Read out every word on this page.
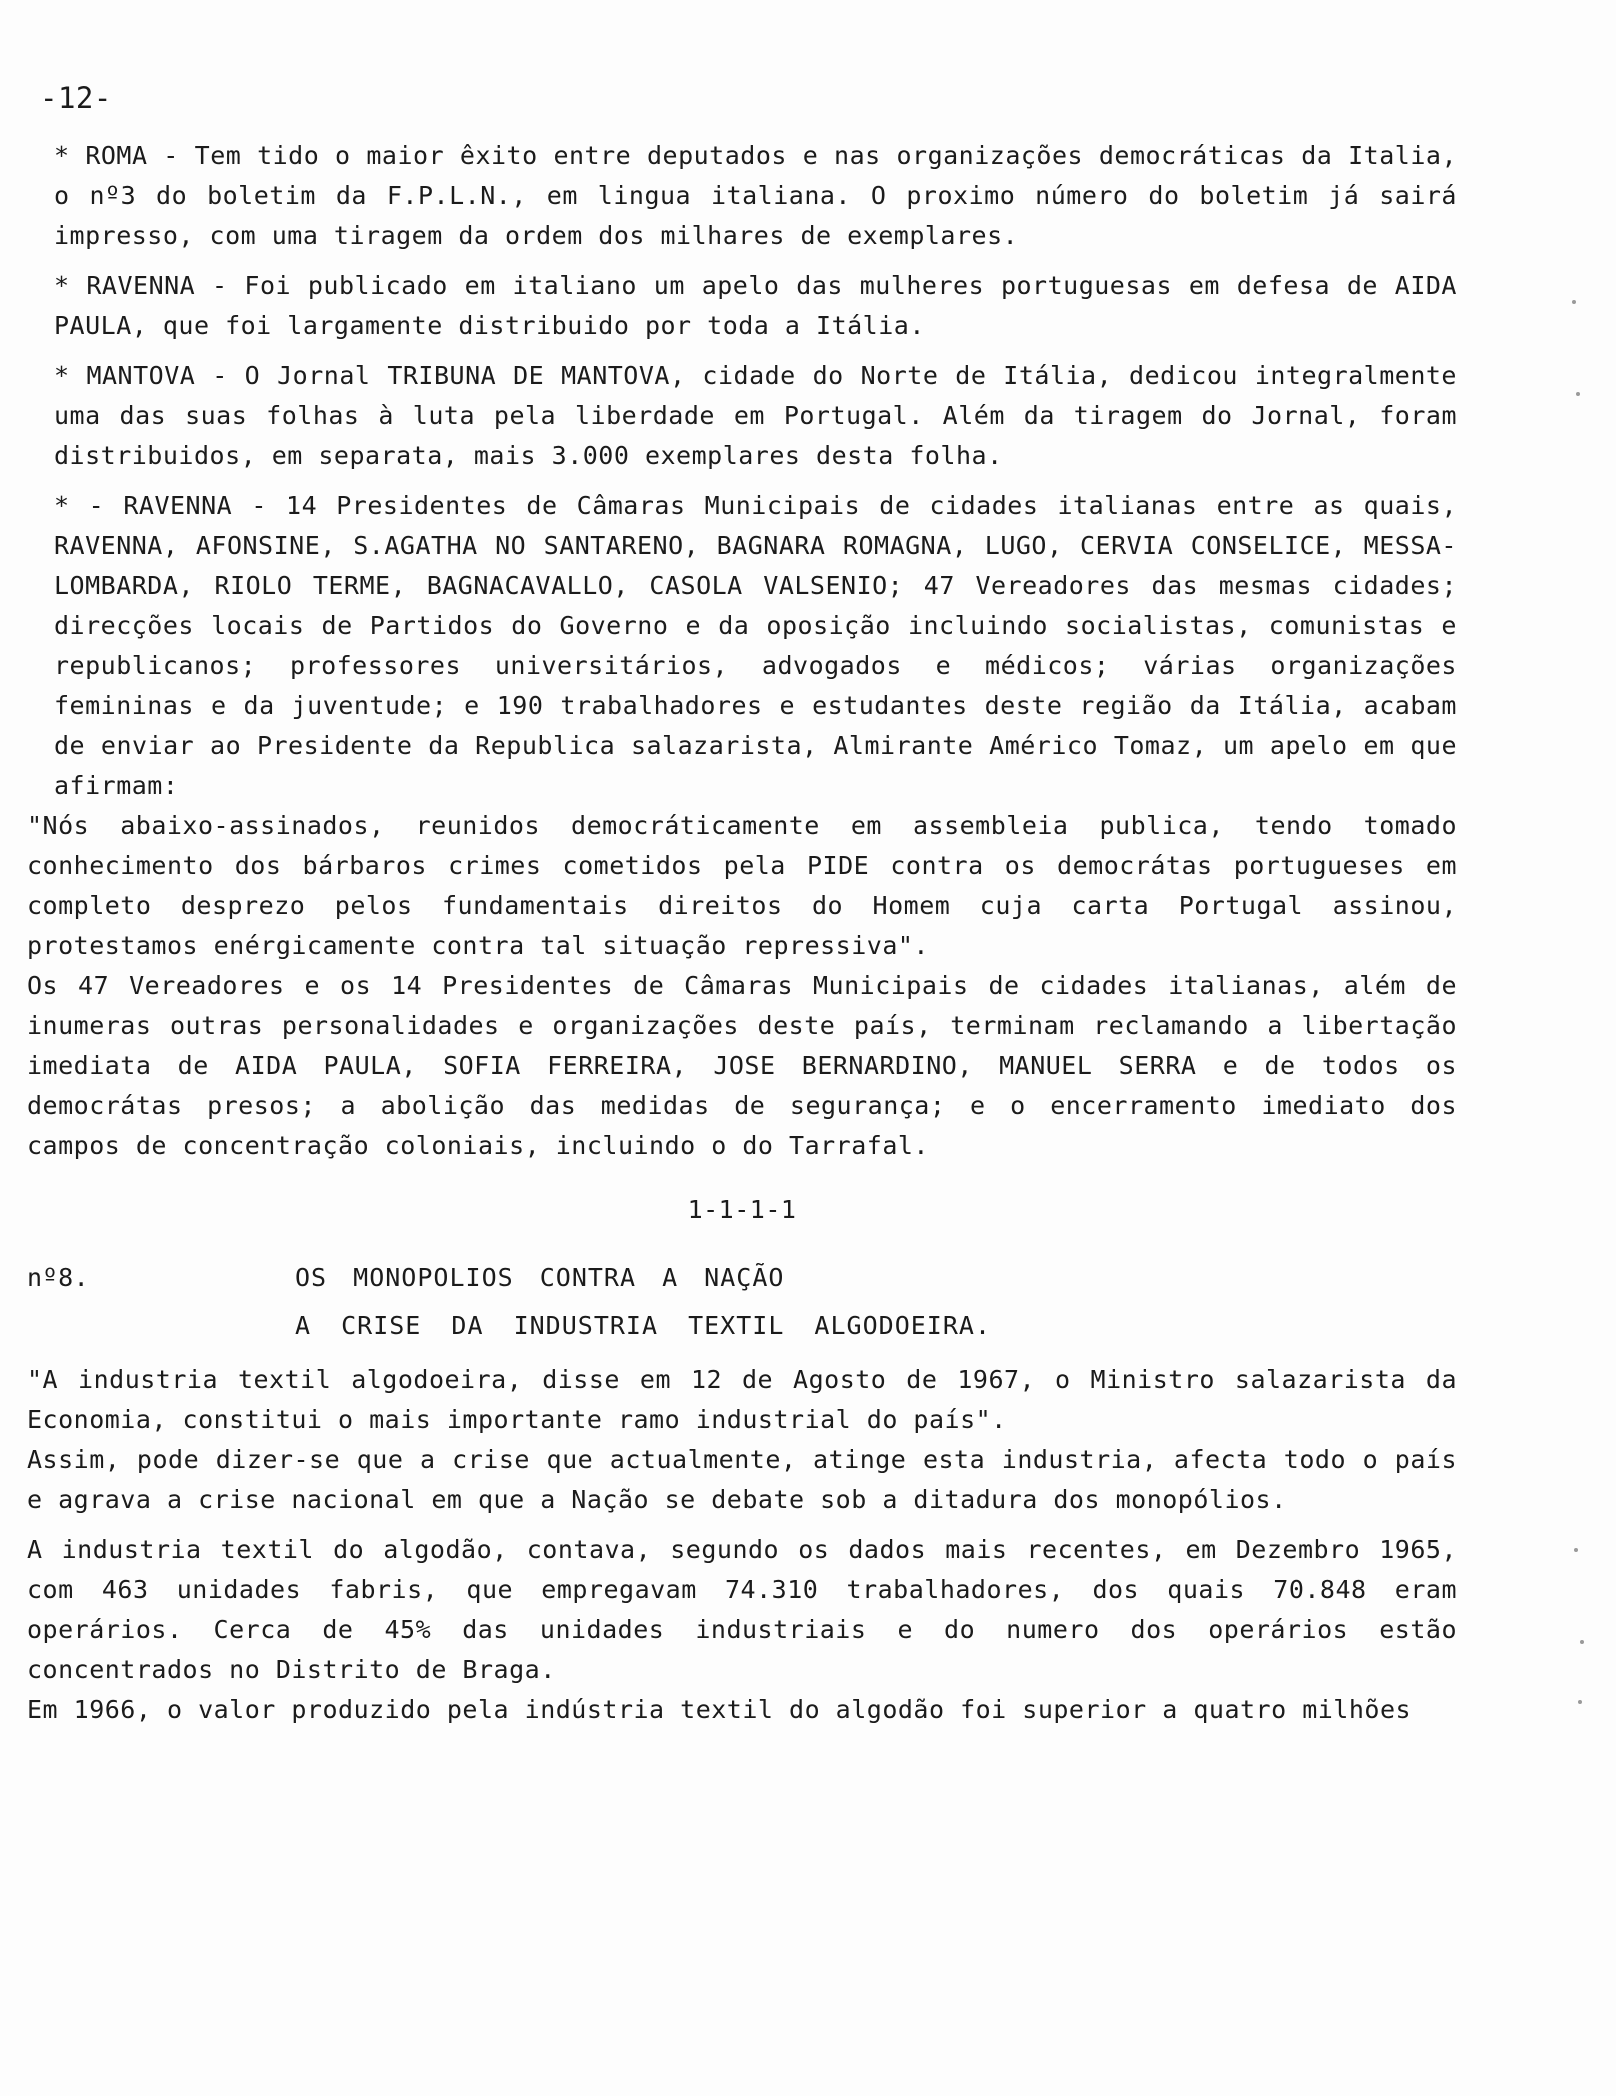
-12-

* ROMA - Tem tido o maior êxito entre deputados e nas organizações democráticas da Italia, o nº3 do boletim da F.P.L.N., em lingua italiana. O proximo número do boletim já sairá impresso, com uma tiragem da ordem dos milhares de exemplares.

* RAVENNA - Foi publicado em italiano um apelo das mulheres portuguesas em defesa de AIDA PAULA, que foi largamente distribuido por toda a Itália.

* MANTOVA - O Jornal TRIBUNA DE MANTOVA, cidade do Norte de Itália, dedicou integralmente uma das suas folhas à luta pela liberdade em Portugal. Além da tiragem do Jornal, foram distribuidos, em separata, mais 3.000 exemplares desta folha.

* - RAVENNA - 14 Presidentes de Câmaras Municipais de cidades italianas entre as quais, RAVENNA, AFONSINE, S.AGATHA NO SANTARENO, BAGNARA ROMAGNA, LUGO, CERVIA CONSELICE, MESSA-LOMBARDA, RIOLO TERME, BAGNACAVALLO, CASOLA VALSENIO; 47 Vereadores das mesmas cidades; direcções locais de Partidos do Governo e da oposição incluindo socialistas, comunistas e republicanos; professores universitários, advogados e médicos; várias organizações femininas e da juventude; e 190 trabalhadores e estudantes deste região da Itália, acabam de enviar ao Presidente da Republica salazarista, Almirante Américo Tomaz, um apelo em que afirmam:

"Nós abaixo-assinados, reunidos democráticamente em assembleia publica, tendo tomado conhecimento dos bárbaros crimes cometidos pela PIDE contra os democrátas portugueses em completo desprezo pelos fundamentais direitos do Homem cuja carta Portugal assinou, protestamos enérgicamente contra tal situação repressiva".

Os 47 Vereadores e os 14 Presidentes de Câmaras Municipais de cidades italianas, além de inumeras outras personalidades e organizações deste país, terminam reclamando a libertação imediata de AIDA PAULA, SOFIA FERREIRA, JOSE BERNARDINO, MANUEL SERRA e de todos os democrátas presos; a abolição das medidas de segurança; e o encerramento imediato dos campos de concentração coloniais, incluindo o do Tarrafal.

1-1-1-1
nº8.	OS MONOPOLIOS CONTRA A NAÇÃO
A CRISE DA INDUSTRIA TEXTIL ALGODOEIRA.

"A industria textil algodoeira, disse em 12 de Agosto de 1967, o Ministro salazarista da Economia, constitui o mais importante ramo industrial do país".

Assim, pode dizer-se que a crise que actualmente, atinge esta industria, afecta todo o país e agrava a crise nacional em que a Nação se debate sob a ditadura dos monopólios.

A industria textil do algodão, contava, segundo os dados mais recentes, em Dezembro 1965, com 463 unidades fabris, que empregavam 74.310 trabalhadores, dos quais 70.848 eram operários. Cerca de 45% das unidades industriais e do numero dos operários estão concentrados no Distrito de Braga.

Em 1966, o valor produzido pela indústria textil do algodão foi superior a quatro milhões
